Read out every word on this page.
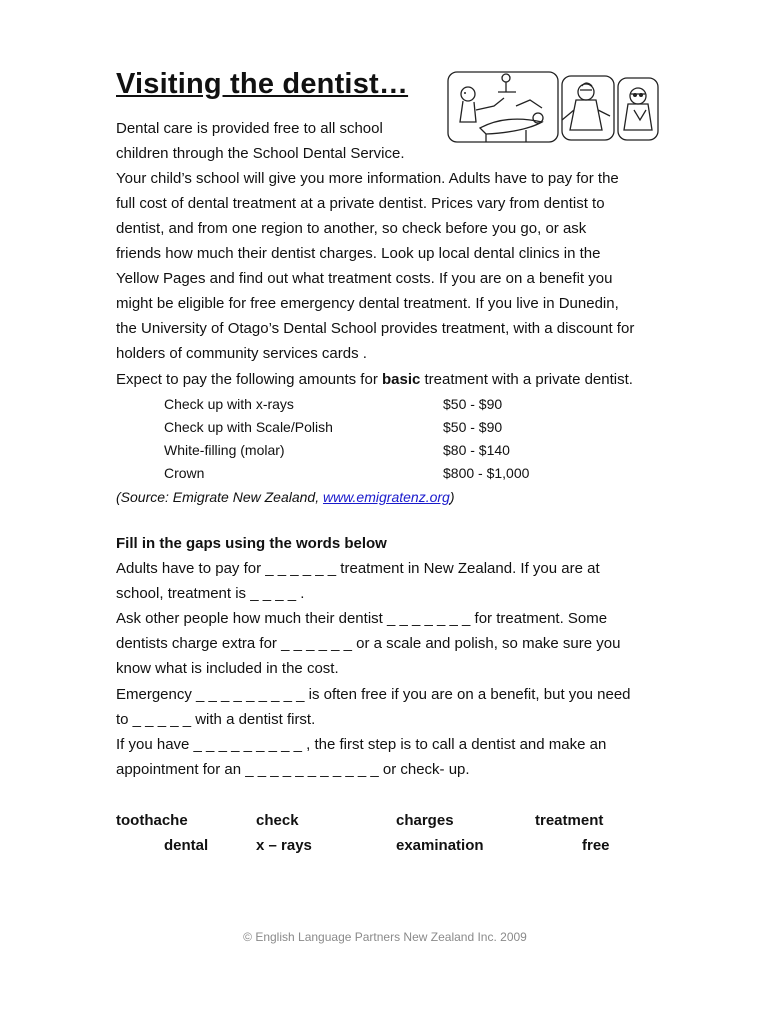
Visiting the dentist…
Dental care is provided free to all school
children through the School Dental Service.
Your child’s school will give you more information. Adults have to pay for the
full cost of dental treatment at a private dentist. Prices vary from dentist to
dentist, and from one region to another, so check before you go, or ask
friends how much their dentist charges. Look up local dental clinics in the
Yellow Pages and find out what treatment costs. If you are on a benefit you
might be eligible for free emergency dental treatment. If you live in Dunedin,
the University of Otago’s Dental School provides treatment, with a discount for
holders of community services cards .
Expect to pay the following amounts for basic treatment with a private dentist.
Check up with x-rays	$50 - $90
Check up with Scale/Polish	$50 - $90
White-filling (molar)	$80 - $140
Crown	$800 - $1,000
(Source: Emigrate New Zealand, www.emigratenz.org)
Fill in the gaps using the words below
Adults have to pay for _ _ _ _ _ _ treatment in New Zealand. If you are at
school, treatment is _ _ _ _ .
Ask other people how much their dentist _ _ _ _ _ _ _ for treatment. Some
dentists charge extra for _ _ _ _ _ _ or a scale and polish, so make sure you
know what is included in the cost.
Emergency _ _ _ _ _ _ _ _ _ is often free if you are on a benefit, but you need
to _ _ _ _ _ with a dentist first.
If you have _ _ _ _ _ _ _ _ _ , the first step is to call a dentist and make an
appointment for an _ _ _ _ _ _ _ _ _ _ _ or check- up.
toothache	check	charges	treatment
dental	x – rays	examination	free
© English Language Partners New Zealand Inc. 2009
